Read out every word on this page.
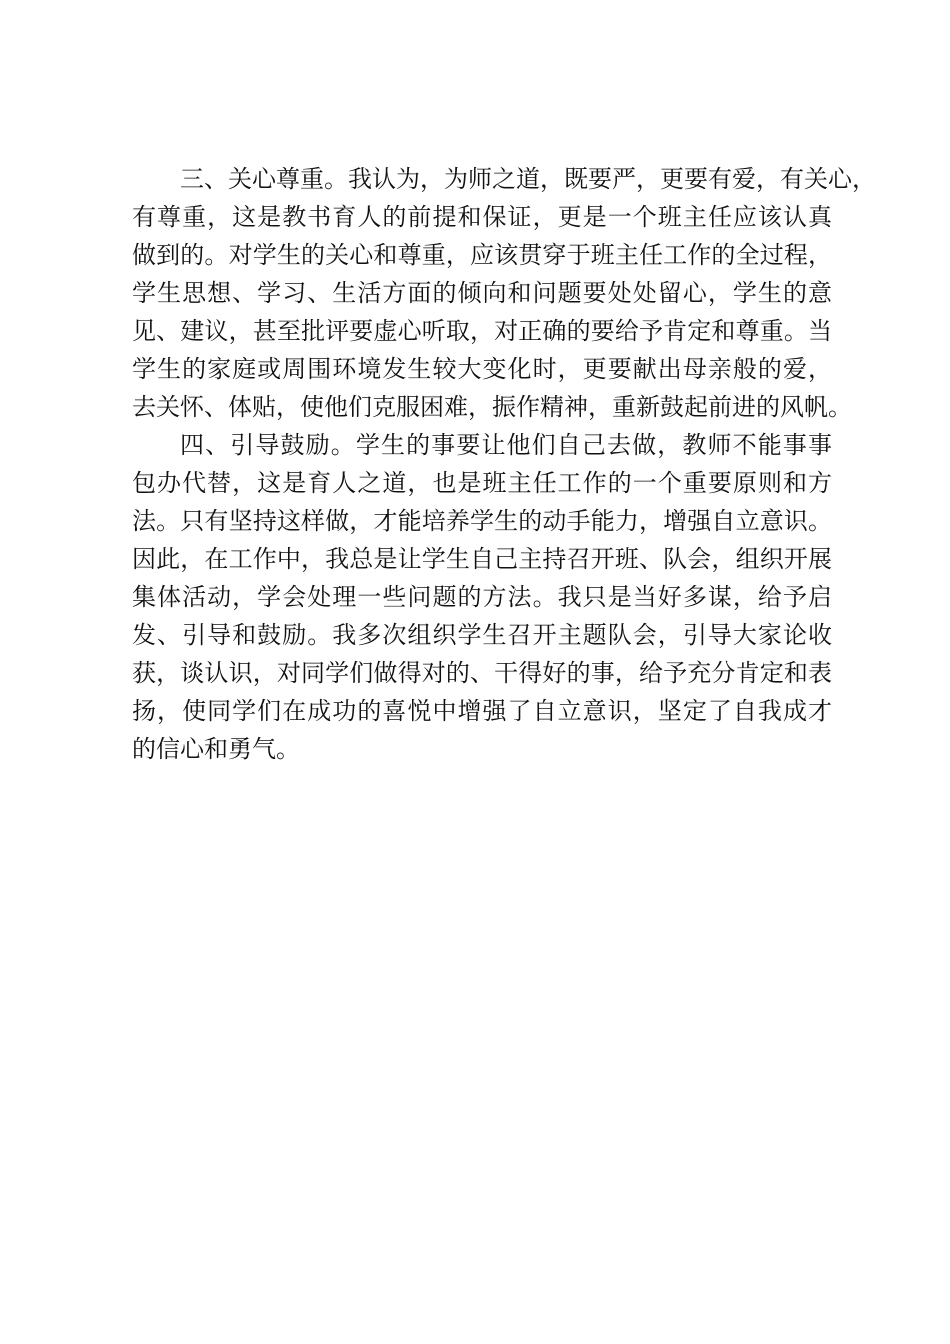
三、关心尊重。我认为，为师之道，既要严，更要有爱，有关心，
有尊重，这是教书育人的前提和保证，更是一个班主任应该认真
做到的。对学生的关心和尊重，应该贯穿于班主任工作的全过程，
学生思想、学习、生活方面的倾向和问题要处处留心，学生的意
见、建议，甚至批评要虚心听取，对正确的要给予肯定和尊重。当
学生的家庭或周围环境发生较大变化时，更要献出母亲般的爱，
去关怀、体贴，使他们克服困难，振作精神，重新鼓起前进的风帆。

四、引导鼓励。学生的事要让他们自己去做，教师不能事事
包办代替，这是育人之道，也是班主任工作的一个重要原则和方
法。只有坚持这样做，才能培养学生的动手能力，增强自立意识。
因此，在工作中，我总是让学生自己主持召开班、队会，组织开展
集体活动，学会处理一些问题的方法。我只是当好多谋，给予启
发、引导和鼓励。我多次组织学生召开主题队会，引导大家论收
获，谈认识，对同学们做得对的、干得好的事，给予充分肯定和表
扬，使同学们在成功的喜悦中增强了自立意识，坚定了自我成才
的信心和勇气。
